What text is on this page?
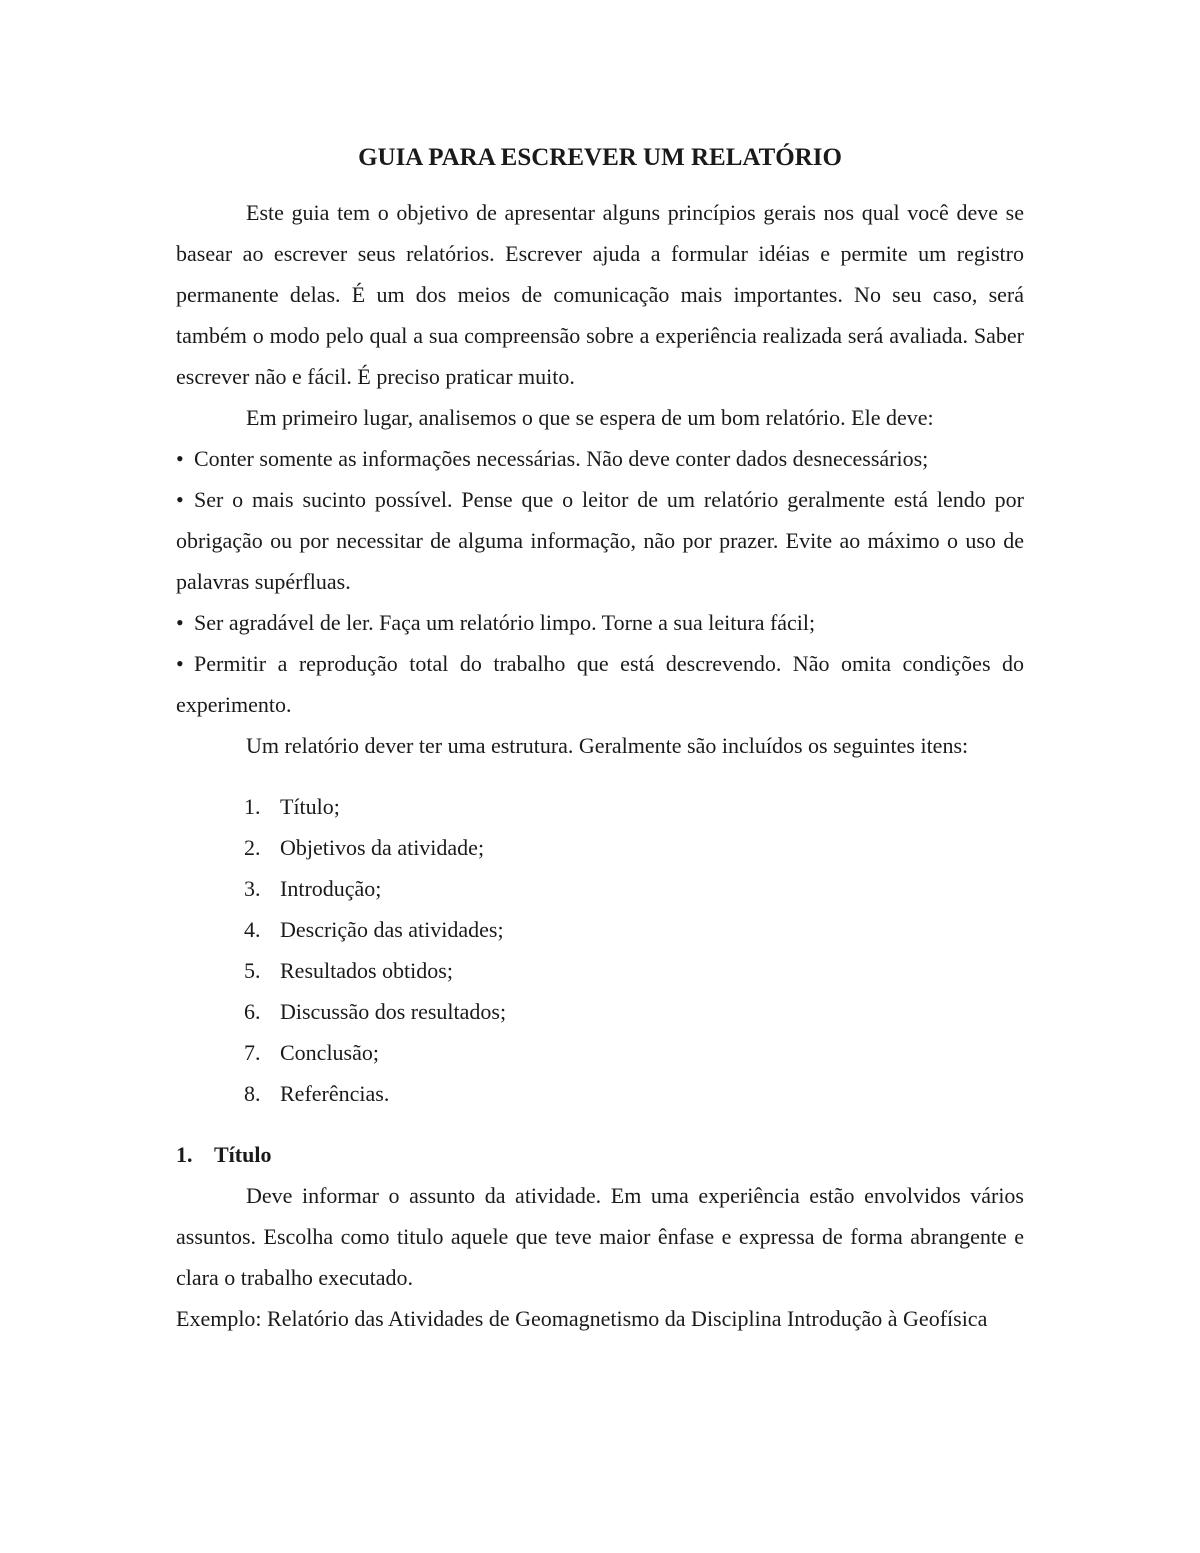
GUIA PARA ESCREVER UM RELATÓRIO

Este guia tem o objetivo de apresentar alguns princípios gerais nos qual você deve se basear ao escrever seus relatórios. Escrever ajuda a formular idéias e permite um registro permanente delas. É um dos meios de comunicação mais importantes. No seu caso, será também o modo pelo qual a sua compreensão sobre a experiência realizada será avaliada. Saber escrever não e fácil. É preciso praticar muito.

Em primeiro lugar, analisemos o que se espera de um bom relatório. Ele deve:

• Conter somente as informações necessárias. Não deve conter dados desnecessários;

• Ser o mais sucinto possível. Pense que o leitor de um relatório geralmente está lendo por obrigação ou por necessitar de alguma informação, não por prazer. Evite ao máximo o uso de palavras supérfluas.

• Ser agradável de ler. Faça um relatório limpo. Torne a sua leitura fácil;

• Permitir a reprodução total do trabalho que está descrevendo. Não omita condições do experimento.

Um relatório dever ter uma estrutura. Geralmente são incluídos os seguintes itens:

1. Título;
2. Objetivos da atividade;
3. Introdução;
4. Descrição das atividades;
5. Resultados obtidos;
6. Discussão dos resultados;
7. Conclusão;
8. Referências.
1. Título

Deve informar o assunto da atividade. Em uma experiência estão envolvidos vários assuntos. Escolha como titulo aquele que teve maior ênfase e expressa de forma abrangente e clara o trabalho executado.

Exemplo: Relatório das Atividades de Geomagnetismo da Disciplina Introdução à Geofísica
